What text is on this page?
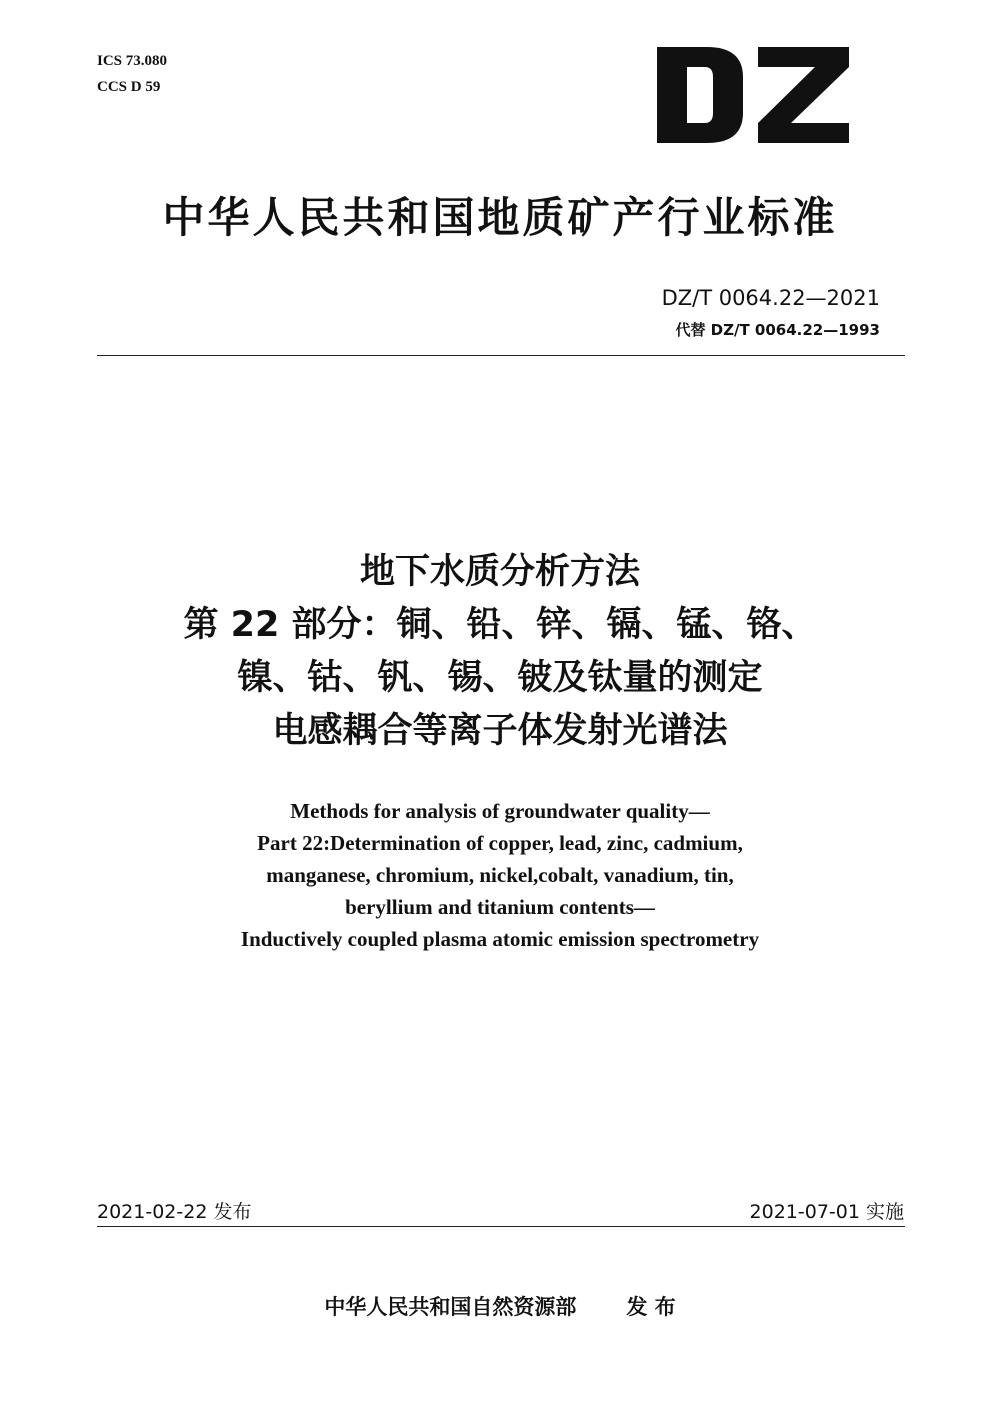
ICS 73.080
CCS D 59
中华人民共和国地质矿产行业标准
DZ/T 0064.22—2021
代替 DZ/T 0064.22—1993
地下水质分析方法
第 22 部分：铜、铅、锌、镉、锰、铬、
镍、钴、钒、锡、铍及钛量的测定
电感耦合等离子体发射光谱法
Methods for analysis of groundwater quality—
Part 22:Determination of copper, lead, zinc, cadmium,
manganese, chromium, nickel,cobalt, vanadium, tin,
beryllium and titanium contents—
Inductively coupled plasma atomic emission spectrometry
2021-02-22 发布	2021-07-01 实施
中华人民共和国自然资源部 发 布
